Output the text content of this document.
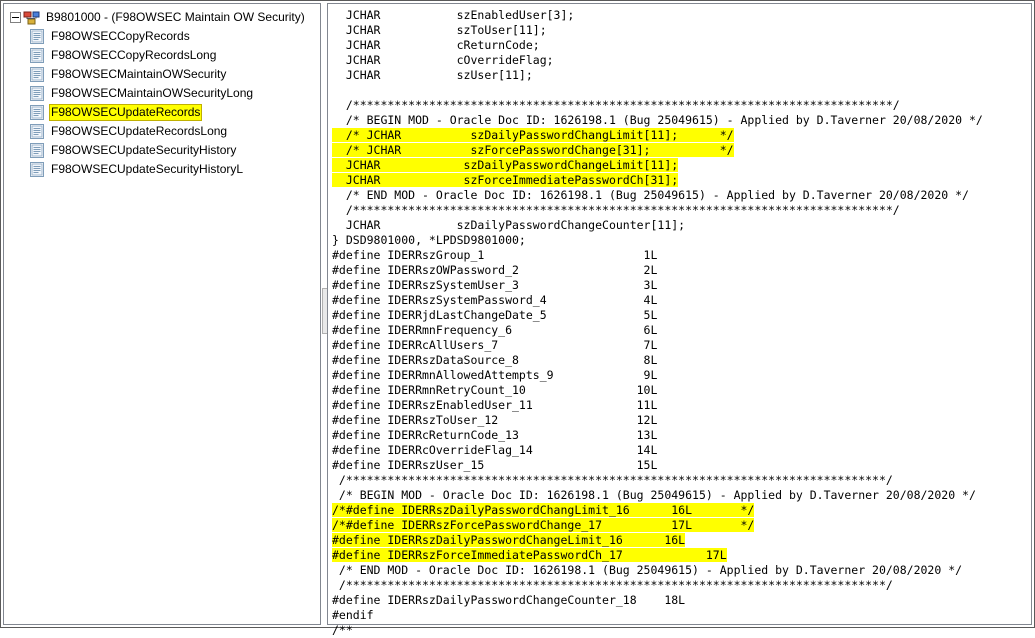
B9801000 - (F98OWSEC Maintain OW Security)
F98OWSECCopyRecords
F98OWSECCopyRecordsLong
F98OWSECMaintainOWSecurity
F98OWSECMaintainOWSecurityLong
F98OWSECUpdateRecords
F98OWSECUpdateRecordsLong
F98OWSECUpdateSecurityHistory
F98OWSECUpdateSecurityHistoryL
JCHAR           szEnabledUser[3];
JCHAR           szToUser[11];
JCHAR           cReturnCode;
JCHAR           cOverrideFlag;
JCHAR           szUser[11];
/******************************************************************************/
/* BEGIN MOD - Oracle Doc ID: 1626198.1 (Bug 25049615) - Applied by D.Taverner 20/08/2020 */
/* JCHAR          szDailyPasswordChangLimit[11];      */
/* JCHAR          szForcePasswordChange[31];          */
JCHAR            szDailyPasswordChangeLimit[11];
JCHAR            szForceImmediatePasswordCh[31];
/* END MOD - Oracle Doc ID: 1626198.1 (Bug 25049615) - Applied by D.Taverner 20/08/2020 */
/******************************************************************************/
JCHAR           szDailyPasswordChangeCounter[11];
} DSD9801000, *LPDSD9801000;
#define IDERRszGroup_1                       1L
#define IDERRszOWPassword_2                  2L
#define IDERRszSystemUser_3                  3L
#define IDERRszSystemPassword_4              4L
#define IDERRjdLastChangeDate_5              5L
#define IDERRmnFrequency_6                   6L
#define IDERRcAllUsers_7                     7L
#define IDERRszDataSource_8                  8L
#define IDERRmnAllowedAttempts_9             9L
#define IDERRmnRetryCount_10                10L
#define IDERRszEnabledUser_11               11L
#define IDERRszToUser_12                    12L
#define IDERRcReturnCode_13                 13L
#define IDERRcOverrideFlag_14               14L
#define IDERRszUser_15                      15L
/******************************************************************************/
/* BEGIN MOD - Oracle Doc ID: 1626198.1 (Bug 25049615) - Applied by D.Taverner 20/08/2020 */
/*#define IDERRszDailyPasswordChangLimit_16      16L       */
/*#define IDERRszForcePasswordChange_17          17L       */
#define IDERRszDailyPasswordChangeLimit_16      16L
#define IDERRszForceImmediatePasswordCh_17            17L
/* END MOD - Oracle Doc ID: 1626198.1 (Bug 25049615) - Applied by D.Taverner 20/08/2020 */
/******************************************************************************/
#define IDERRszDailyPasswordChangeCounter_18    18L
#endif
/**
